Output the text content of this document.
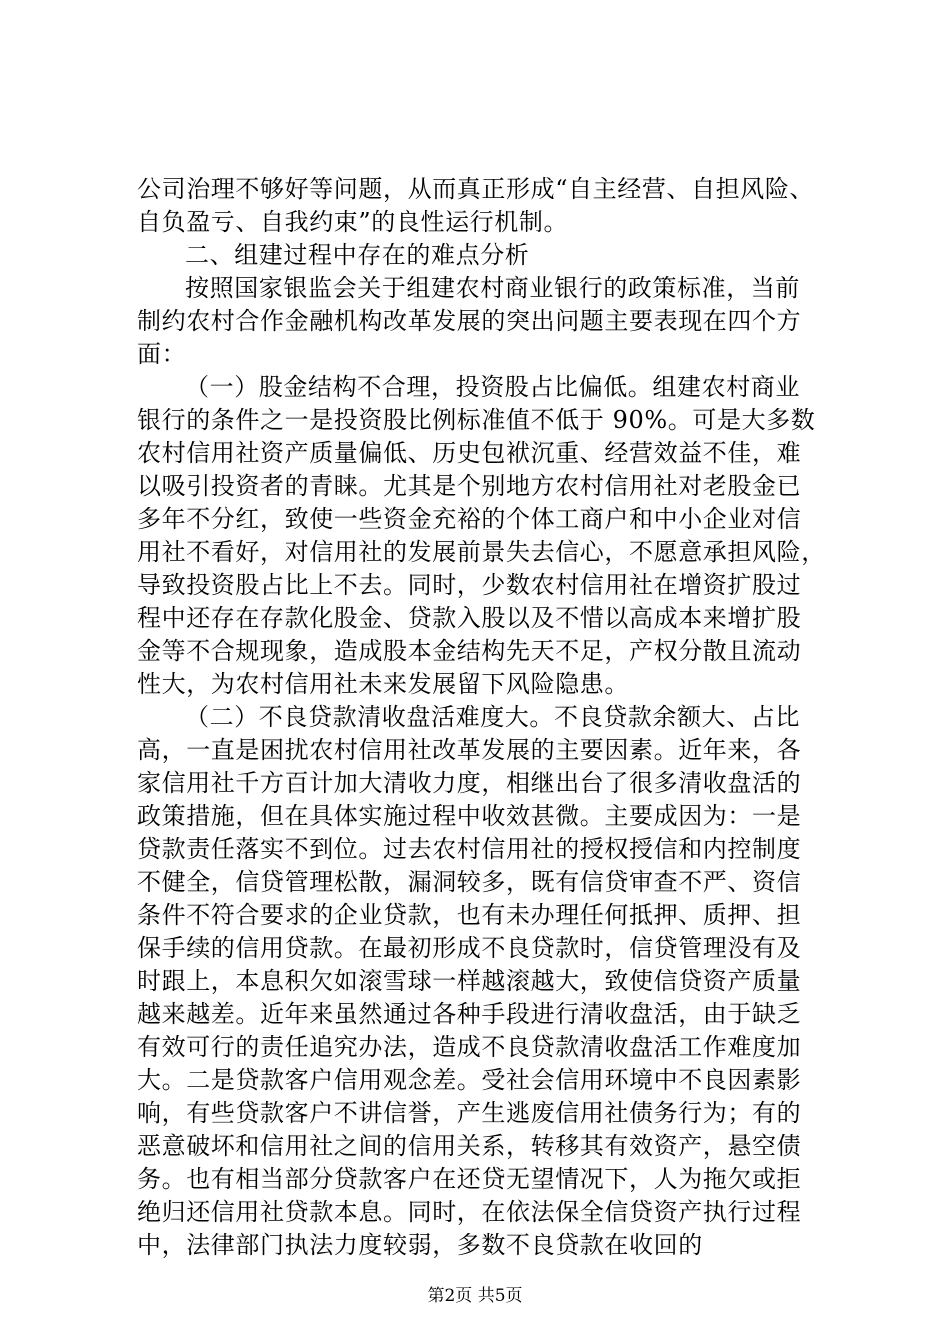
公司治理不够好等问题，从而真正形成“自主经营、自担风险、
自负盈亏、自我约束”的良性运行机制。
二、组建过程中存在的难点分析
按照国家银监会关于组建农村商业银行的政策标准，当前
制约农村合作金融机构改革发展的突出问题主要表现在四个方
面：
（一）股金结构不合理，投资股占比偏低。组建农村商业
银行的条件之一是投资股比例标准值不低于 90%。可是大多数
农村信用社资产质量偏低、历史包袱沉重、经营效益不佳，难
以吸引投资者的青睐。尤其是个别地方农村信用社对老股金已
多年不分红，致使一些资金充裕的个体工商户和中小企业对信
用社不看好，对信用社的发展前景失去信心，不愿意承担风险，
导致投资股占比上不去。同时，少数农村信用社在增资扩股过
程中还存在存款化股金、贷款入股以及不惜以高成本来增扩股
金等不合规现象，造成股本金结构先天不足，产权分散且流动
性大，为农村信用社未来发展留下风险隐患。
（二）不良贷款清收盘活难度大。不良贷款余额大、占比
高，一直是困扰农村信用社改革发展的主要因素。近年来，各
家信用社千方百计加大清收力度，相继出台了很多清收盘活的
政策措施，但在具体实施过程中收效甚微。主要成因为：一是
贷款责任落实不到位。过去农村信用社的授权授信和内控制度
不健全，信贷管理松散，漏洞较多，既有信贷审查不严、资信
条件不符合要求的企业贷款，也有未办理任何抵押、质押、担
保手续的信用贷款。在最初形成不良贷款时，信贷管理没有及
时跟上，本息积欠如滚雪球一样越滚越大，致使信贷资产质量
越来越差。近年来虽然通过各种手段进行清收盘活，由于缺乏
有效可行的责任追究办法，造成不良贷款清收盘活工作难度加
大。二是贷款客户信用观念差。受社会信用环境中不良因素影
响，有些贷款客户不讲信誉，产生逃废信用社债务行为；有的
恶意破坏和信用社之间的信用关系，转移其有效资产，悬空债
务。也有相当部分贷款客户在还贷无望情况下，人为拖欠或拒
绝归还信用社贷款本息。同时，在依法保全信贷资产执行过程
中，法律部门执法力度较弱，多数不良贷款在收回的
第2页 共5页
